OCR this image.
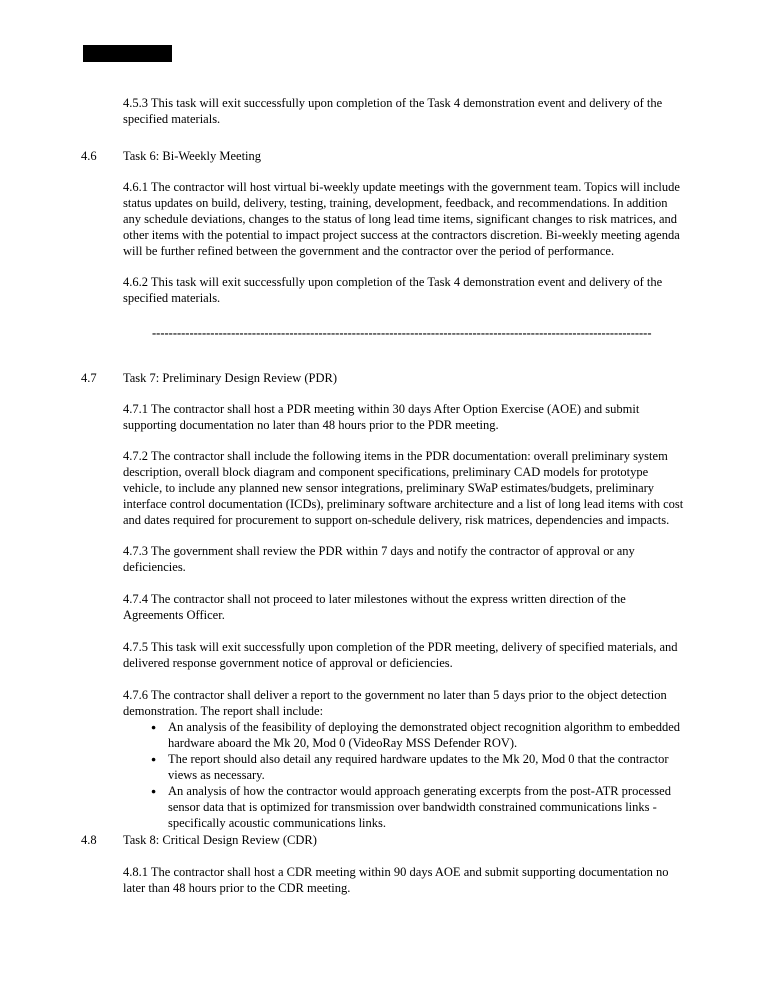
4.5.3 This task will exit successfully upon completion of the Task 4 demonstration event and delivery of the specified materials.

4.6	Task 6: Bi-Weekly Meeting

4.6.1 The contractor will host virtual bi-weekly update meetings with the government team. Topics will include status updates on build, delivery, testing, training, development, feedback, and recommendations. In addition any schedule deviations, changes to the status of long lead time items, significant changes to risk matrices, and other items with the potential to impact project success at the contractors discretion. Bi-weekly meeting agenda will be further refined between the government and the contractor over the period of performance.

4.6.2 This task will exit successfully upon completion of the Task 4 demonstration event and delivery of the specified materials.

------------------------------------------------------------------------------------------------------------------------
4.7	Task 7: Preliminary Design Review (PDR)

4.7.1 The contractor shall host a PDR meeting within 30 days After Option Exercise (AOE) and submit supporting documentation no later than 48 hours prior to the PDR meeting.

4.7.2 The contractor shall include the following items in the PDR documentation: overall preliminary system description, overall block diagram and component specifications, preliminary CAD models for prototype vehicle, to include any planned new sensor integrations, preliminary SWaP estimates/budgets, preliminary interface control documentation (ICDs), preliminary software architecture and a list of long lead items with cost and dates required for procurement to support on-schedule delivery, risk matrices, dependencies and impacts.

4.7.3 The government shall review the PDR within 7 days and notify the contractor of approval or any deficiencies.

4.7.4 The contractor shall not proceed to later milestones without the express written direction of the Agreements Officer.

4.7.5 This task will exit successfully upon completion of the PDR meeting, delivery of specified materials, and delivered response government notice of approval or deficiencies.

4.7.6 The contractor shall deliver a report to the government no later than 5 days prior to the object detection demonstration. The report shall include:

● An analysis of the feasibility of deploying the demonstrated object recognition algorithm to embedded hardware aboard the Mk 20, Mod 0 (VideoRay MSS Defender ROV).
● The report should also detail any required hardware updates to the Mk 20, Mod 0 that the contractor views as necessary.
● An analysis of how the contractor would approach generating excerpts from the post-ATR processed sensor data that is optimized for transmission over bandwidth constrained communications links - specifically acoustic communications links.
4.8	Task 8: Critical Design Review (CDR)

4.8.1 The contractor shall host a CDR meeting within 90 days AOE and submit supporting documentation no later than 48 hours prior to the CDR meeting.
